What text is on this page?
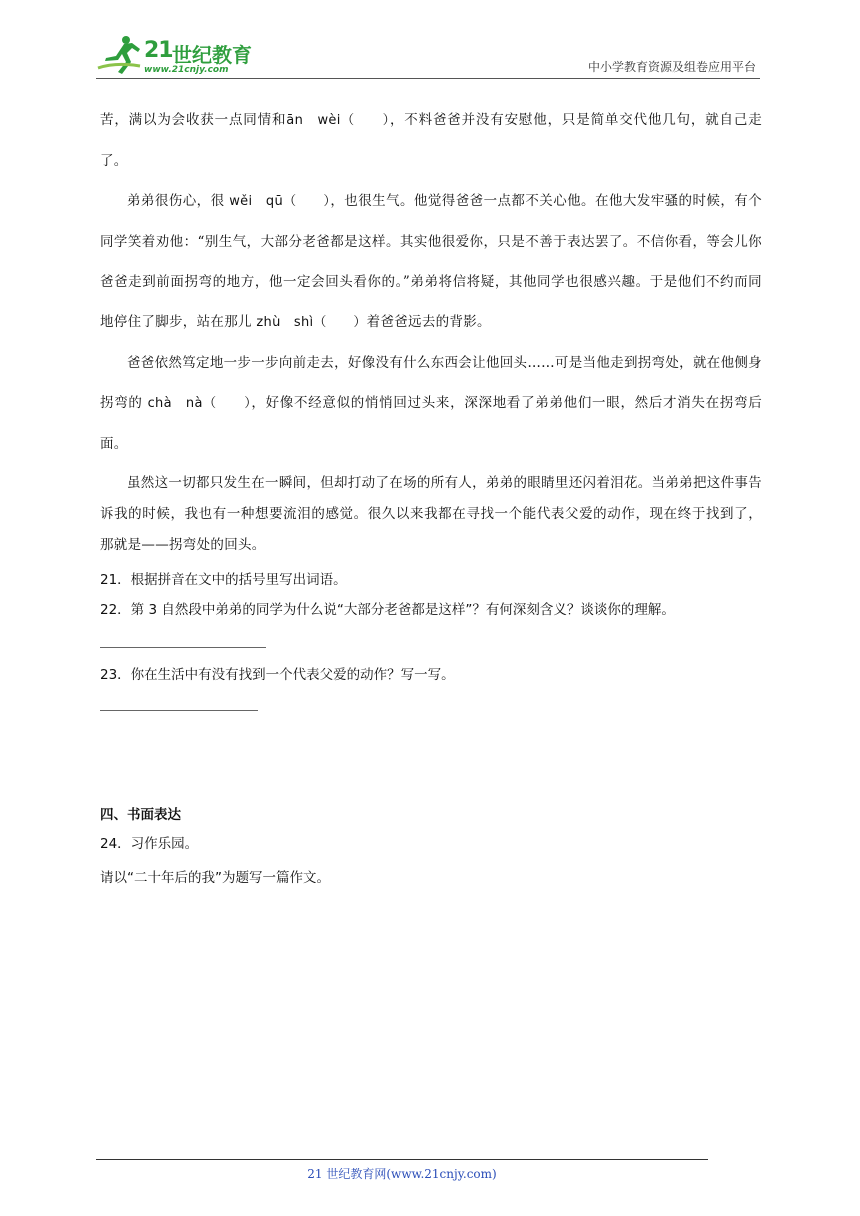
21 世纪教育
www.21cnjy.com	中小学教育资源及组卷应用平台

苦，满以为会收获一点同情和ān　wèi（　　），不料爸爸并没有安慰他，只是简单交代他几句，就自己走了。

弟弟很伤心，很 wěi　qū（　　），也很生气。他觉得爸爸一点都不关心他。在他大发牢骚的时候，有个同学笑着劝他：“别生气，大部分老爸都是这样。其实他很爱你，只是不善于表达罢了。不信你看，等会儿你爸爸走到前面拐弯的地方，他一定会回头看你的。”弟弟将信将疑，其他同学也很感兴趣。于是他们不约而同地停住了脚步，站在那儿 zhù　shì（　　）着爸爸远去的背影。

爸爸依然笃定地一步一步向前走去，好像没有什么东西会让他回头……可是当他走到拐弯处，就在他侧身拐弯的 chà　nà（　　），好像不经意似的悄悄回过头来，深深地看了弟弟他们一眼，然后才消失在拐弯后面。

虽然这一切都只发生在一瞬间，但却打动了在场的所有人，弟弟的眼睛里还闪着泪花。当弟弟把这件事告诉我的时候，我也有一种想要流泪的感觉。很久以来我都在寻找一个能代表父爱的动作，现在终于找到了，那就是——拐弯处的回头。

21．根据拼音在文中的括号里写出词语。

22．第 3 自然段中弟弟的同学为什么说“大部分老爸都是这样”？有何深刻含义？谈谈你的理解。

23．你在生活中有没有找到一个代表父爱的动作？写一写。

四、书面表达

24．习作乐园。

请以“二十年后的我”为题写一篇作文。

21 世纪教育网(www.21cnjy.com)
